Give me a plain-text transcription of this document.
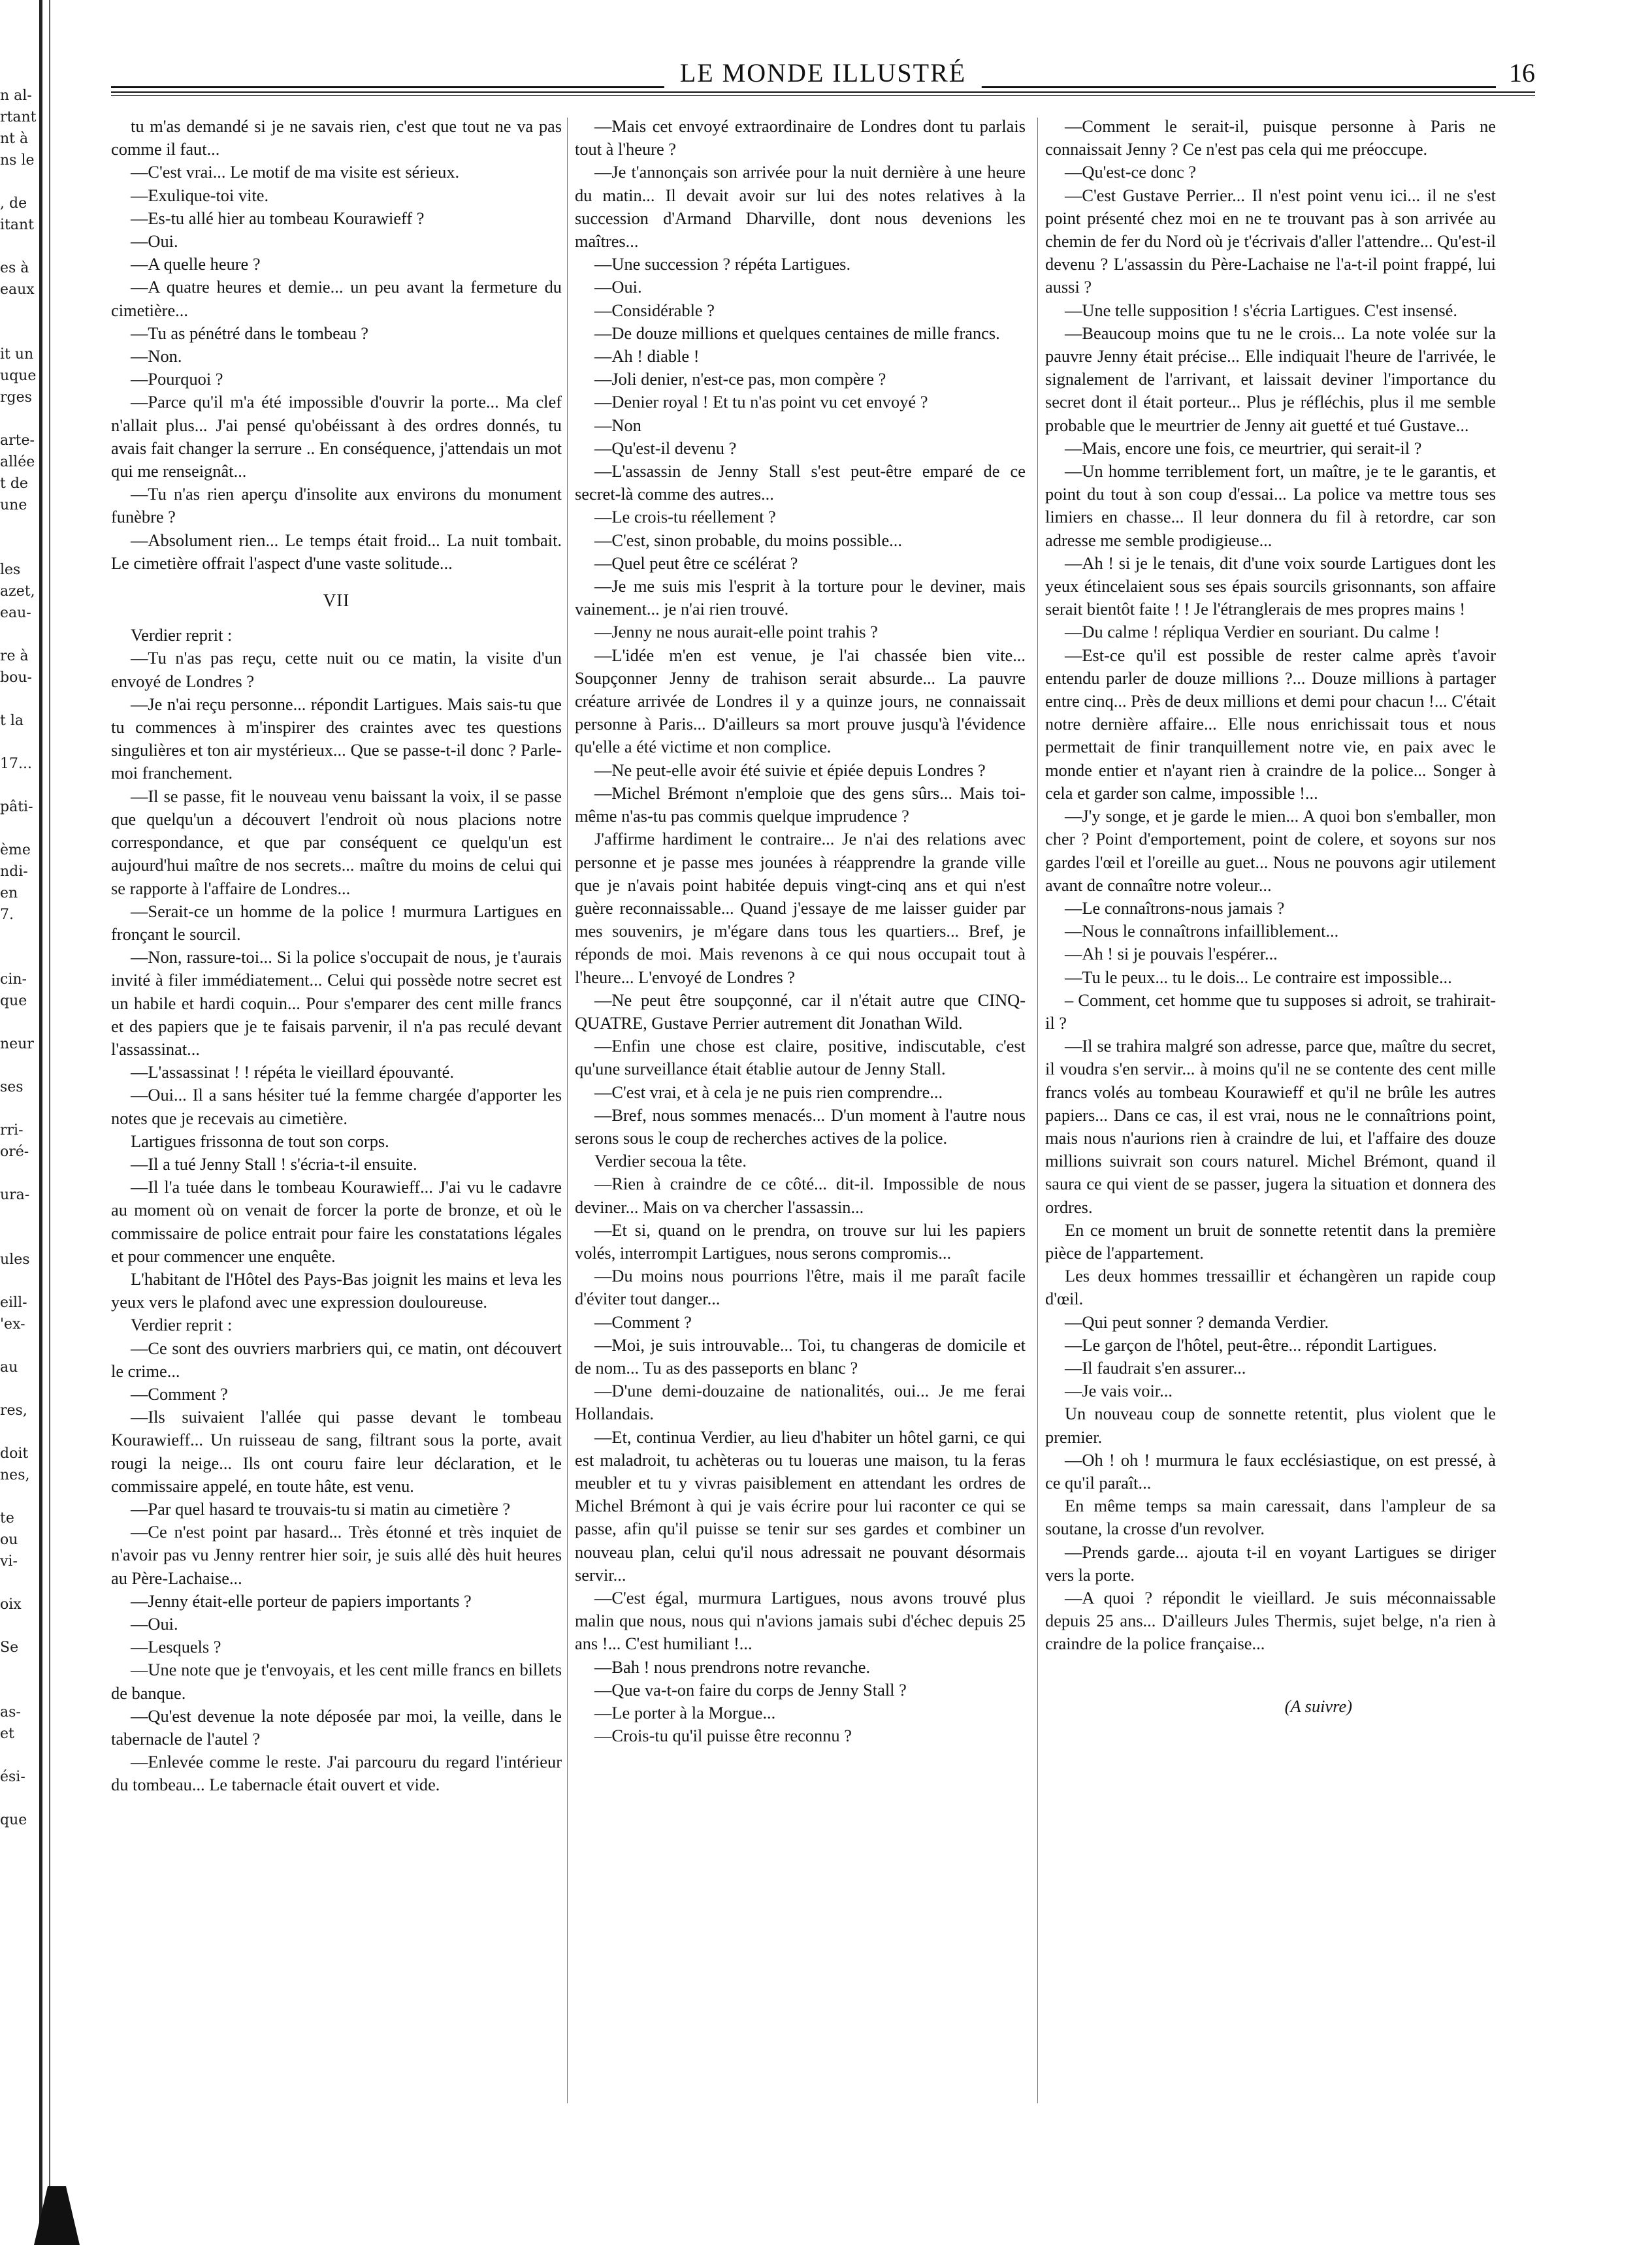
n al-
rtant
nt à
ns le
, de
itant
es à
eaux
it un
uque
rges
arte-
allée
t de
une
les
azet,
eau-
re à
bou-
t la
17...
pâti-
ème
ndi-
en
7.
cin-
que
neur
ses
rri-
oré-
ura-
ules
eill-
'ex-
au
res,
doit
nes,
te
ou
vi-
oix
Se
as-
et
ési-
que
LE MONDE ILLUSTRÉ	16

tu m'as demandé si je ne savais rien, c'est que tout ne va pas comme il faut...

—C'est vrai... Le motif de ma visite est sérieux.

—Exulique-toi vite.

—Es-tu allé hier au tombeau Kourawieff ?

—Oui.

—A quelle heure ?

—A quatre heures et demie... un peu avant la fermeture du cimetière...

—Tu as pénétré dans le tombeau ?

—Non.

—Pourquoi ?

—Parce qu'il m'a été impossible d'ouvrir la porte... Ma clef n'allait plus... J'ai pensé qu'obéissant à des ordres donnés, tu avais fait changer la serrure .. En conséquence, j'attendais un mot qui me renseignât...

—Tu n'as rien aperçu d'insolite aux environs du monument funèbre ?

—Absolument rien... Le temps était froid... La nuit tombait. Le cimetière offrait l'aspect d'une vaste solitude...

VII

Verdier reprit :

—Tu n'as pas reçu, cette nuit ou ce matin, la visite d'un envoyé de Londres ?

—Je n'ai reçu personne... répondit Lartigues. Mais sais-tu que tu commences à m'inspirer des craintes avec tes questions singulières et ton air mystérieux... Que se passe-t-il donc ? Parle-moi franchement.

—Il se passe, fit le nouveau venu baissant la voix, il se passe que quelqu'un a découvert l'endroit où nous placions notre correspondance, et que par conséquent ce quelqu'un est aujourd'hui maître de nos secrets... maître du moins de celui qui se rapporte à l'affaire de Londres...

—Serait-ce un homme de la police ! murmura Lartigues en fronçant le sourcil.

—Non, rassure-toi... Si la police s'occupait de nous, je t'aurais invité à filer immédiatement... Celui qui possède notre secret est un habile et hardi coquin... Pour s'emparer des cent mille francs et des papiers que je te faisais parvenir, il n'a pas reculé devant l'assassinat...

—L'assassinat ! ! répéta le vieillard épouvanté.

—Oui... Il a sans hésiter tué la femme chargée d'apporter les notes que je recevais au cimetière.

Lartigues frissonna de tout son corps.

—Il a tué Jenny Stall ! s'écria-t-il ensuite.

—Il l'a tuée dans le tombeau Kourawieff... J'ai vu le cadavre au moment où on venait de forcer la porte de bronze, et où le commissaire de police entrait pour faire les constatations légales et pour commencer une enquête.

L'habitant de l'Hôtel des Pays-Bas joignit les mains et leva les yeux vers le plafond avec une expression douloureuse.

Verdier reprit :

—Ce sont des ouvriers marbriers qui, ce matin, ont découvert le crime...

—Comment ?

—Ils suivaient l'allée qui passe devant le tombeau Kourawieff... Un ruisseau de sang, filtrant sous la porte, avait rougi la neige... Ils ont couru faire leur déclaration, et le commissaire appelé, en toute hâte, est venu.

—Par quel hasard te trouvais-tu si matin au cimetière ?

—Ce n'est point par hasard... Très étonné et très inquiet de n'avoir pas vu Jenny rentrer hier soir, je suis allé dès huit heures au Père-Lachaise...

—Jenny était-elle porteur de papiers importants ?

—Oui.

—Lesquels ?

—Une note que je t'envoyais, et les cent mille francs en billets de banque.

—Qu'est devenue la note déposée par moi, la veille, dans le tabernacle de l'autel ?

—Enlevée comme le reste. J'ai parcouru du regard l'intérieur du tombeau... Le tabernacle était ouvert et vide.

—Mais cet envoyé extraordinaire de Londres dont tu parlais tout à l'heure ?

—Je t'annonçais son arrivée pour la nuit dernière à une heure du matin... Il devait avoir sur lui des notes relatives à la succession d'Armand Dharville, dont nous devenions les maîtres...

—Une succession ? répéta Lartigues.

—Oui.

—Considérable ?

—De douze millions et quelques centaines de mille francs.

—Ah ! diable !

—Joli denier, n'est-ce pas, mon compère ?

—Denier royal ! Et tu n'as point vu cet envoyé ?

—Non

—Qu'est-il devenu ?

—L'assassin de Jenny Stall s'est peut-être emparé de ce secret-là comme des autres...

—Le crois-tu réellement ?

—C'est, sinon probable, du moins possible...

—Quel peut être ce scélérat ?

—Je me suis mis l'esprit à la torture pour le deviner, mais vainement... je n'ai rien trouvé.

—Jenny ne nous aurait-elle point trahis ?

—L'idée m'en est venue, je l'ai chassée bien vite... Soupçonner Jenny de trahison serait absurde... La pauvre créature arrivée de Londres il y a quinze jours, ne connaissait personne à Paris... D'ailleurs sa mort prouve jusqu'à l'évidence qu'elle a été victime et non complice.

—Ne peut-elle avoir été suivie et épiée depuis Londres ?

—Michel Brémont n'emploie que des gens sûrs... Mais toi-même n'as-tu pas commis quelque imprudence ?

J'affirme hardiment le contraire... Je n'ai des relations avec personne et je passe mes jounées à réapprendre la grande ville que je n'avais point habitée depuis vingt-cinq ans et qui n'est guère reconnaissable... Quand j'essaye de me laisser guider par mes souvenirs, je m'égare dans tous les quartiers... Bref, je réponds de moi. Mais revenons à ce qui nous occupait tout à l'heure... L'envoyé de Londres ?

—Ne peut être soupçonné, car il n'était autre que CINQ-QUATRE, Gustave Perrier autrement dit Jonathan Wild.

—Enfin une chose est claire, positive, indiscutable, c'est qu'une surveillance était établie autour de Jenny Stall.

—C'est vrai, et à cela je ne puis rien comprendre...

—Bref, nous sommes menacés... D'un moment à l'autre nous serons sous le coup de recherches actives de la police.

Verdier secoua la tête.

—Rien à craindre de ce côté... dit-il. Impossible de nous deviner... Mais on va chercher l'assassin...

—Et si, quand on le prendra, on trouve sur lui les papiers volés, interrompit Lartigues, nous serons compromis...

—Du moins nous pourrions l'être, mais il me paraît facile d'éviter tout danger...

—Comment ?

—Moi, je suis introuvable... Toi, tu changeras de domicile et de nom... Tu as des passeports en blanc ?

—D'une demi-douzaine de nationalités, oui... Je me ferai Hollandais.

—Et, continua Verdier, au lieu d'habiter un hôtel garni, ce qui est maladroit, tu achèteras ou tu loueras une maison, tu la feras meubler et tu y vivras paisiblement en attendant les ordres de Michel Brémont à qui je vais écrire pour lui raconter ce qui se passe, afin qu'il puisse se tenir sur ses gardes et combiner un nouveau plan, celui qu'il nous adressait ne pouvant désormais servir...

—C'est égal, murmura Lartigues, nous avons trouvé plus malin que nous, nous qui n'avions jamais subi d'échec depuis 25 ans !... C'est humiliant !...

—Bah ! nous prendrons notre revanche.

—Que va-t-on faire du corps de Jenny Stall ?

—Le porter à la Morgue...

—Crois-tu qu'il puisse être reconnu ?

—Comment le serait-il, puisque personne à Paris ne connaissait Jenny ? Ce n'est pas cela qui me préoccupe.

—Qu'est-ce donc ?

—C'est Gustave Perrier... Il n'est point venu ici... il ne s'est point présenté chez moi en ne te trouvant pas à son arrivée au chemin de fer du Nord où je t'écrivais d'aller l'attendre... Qu'est-il devenu ? L'assassin du Père-Lachaise ne l'a-t-il point frappé, lui aussi ?

—Une telle supposition ! s'écria Lartigues. C'est insensé.

—Beaucoup moins que tu ne le crois... La note volée sur la pauvre Jenny était précise... Elle indiquait l'heure de l'arrivée, le signalement de l'arrivant, et laissait deviner l'importance du secret dont il était porteur... Plus je réfléchis, plus il me semble probable que le meurtrier de Jenny ait guetté et tué Gustave...

—Mais, encore une fois, ce meurtrier, qui serait-il ?

—Un homme terriblement fort, un maître, je te le garantis, et point du tout à son coup d'essai... La police va mettre tous ses limiers en chasse... Il leur donnera du fil à retordre, car son adresse me semble prodigieuse...

—Ah ! si je le tenais, dit d'une voix sourde Lartigues dont les yeux étincelaient sous ses épais sourcils grisonnants, son affaire serait bientôt faite ! ! Je l'étranglerais de mes propres mains !

—Du calme ! répliqua Verdier en souriant. Du calme !

—Est-ce qu'il est possible de rester calme après t'avoir entendu parler de douze millions ?... Douze millions à partager entre cinq... Près de deux millions et demi pour chacun !... C'était notre dernière affaire... Elle nous enrichissait tous et nous permettait de finir tranquillement notre vie, en paix avec le monde entier et n'ayant rien à craindre de la police... Songer à cela et garder son calme, impossible !...

—J'y songe, et je garde le mien... A quoi bon s'emballer, mon cher ? Point d'emportement, point de colere, et soyons sur nos gardes l'œil et l'oreille au guet... Nous ne pouvons agir utilement avant de connaître notre voleur...

—Le connaîtrons-nous jamais ?

—Nous le connaîtrons infailliblement...

—Ah ! si je pouvais l'espérer...

—Tu le peux... tu le dois... Le contraire est impossible...

– Comment, cet homme que tu supposes si adroit, se trahirait-il ?

—Il se trahira malgré son adresse, parce que, maître du secret, il voudra s'en servir... à moins qu'il ne se contente des cent mille francs volés au tombeau Kourawieff et qu'il ne brûle les autres papiers... Dans ce cas, il est vrai, nous ne le connaîtrions point, mais nous n'aurions rien à craindre de lui, et l'affaire des douze millions suivrait son cours naturel. Michel Brémont, quand il saura ce qui vient de se passer, jugera la situation et donnera des ordres.

En ce moment un bruit de sonnette retentit dans la première pièce de l'appartement.

Les deux hommes tressaillir et échangèren un rapide coup d'œil.

—Qui peut sonner ? demanda Verdier.

—Le garçon de l'hôtel, peut-être... répondit Lartigues.

—Il faudrait s'en assurer...

—Je vais voir...

Un nouveau coup de sonnette retentit, plus violent que le premier.

—Oh ! oh ! murmura le faux ecclésiastique, on est pressé, à ce qu'il paraît...

En même temps sa main caressait, dans l'ampleur de sa soutane, la crosse d'un revolver.

—Prends garde... ajouta t-il en voyant Lartigues se diriger vers la porte.

—A quoi ? répondit le vieillard. Je suis méconnaissable depuis 25 ans... D'ailleurs Jules Thermis, sujet belge, n'a rien à craindre de la police française...

(A suivre)
